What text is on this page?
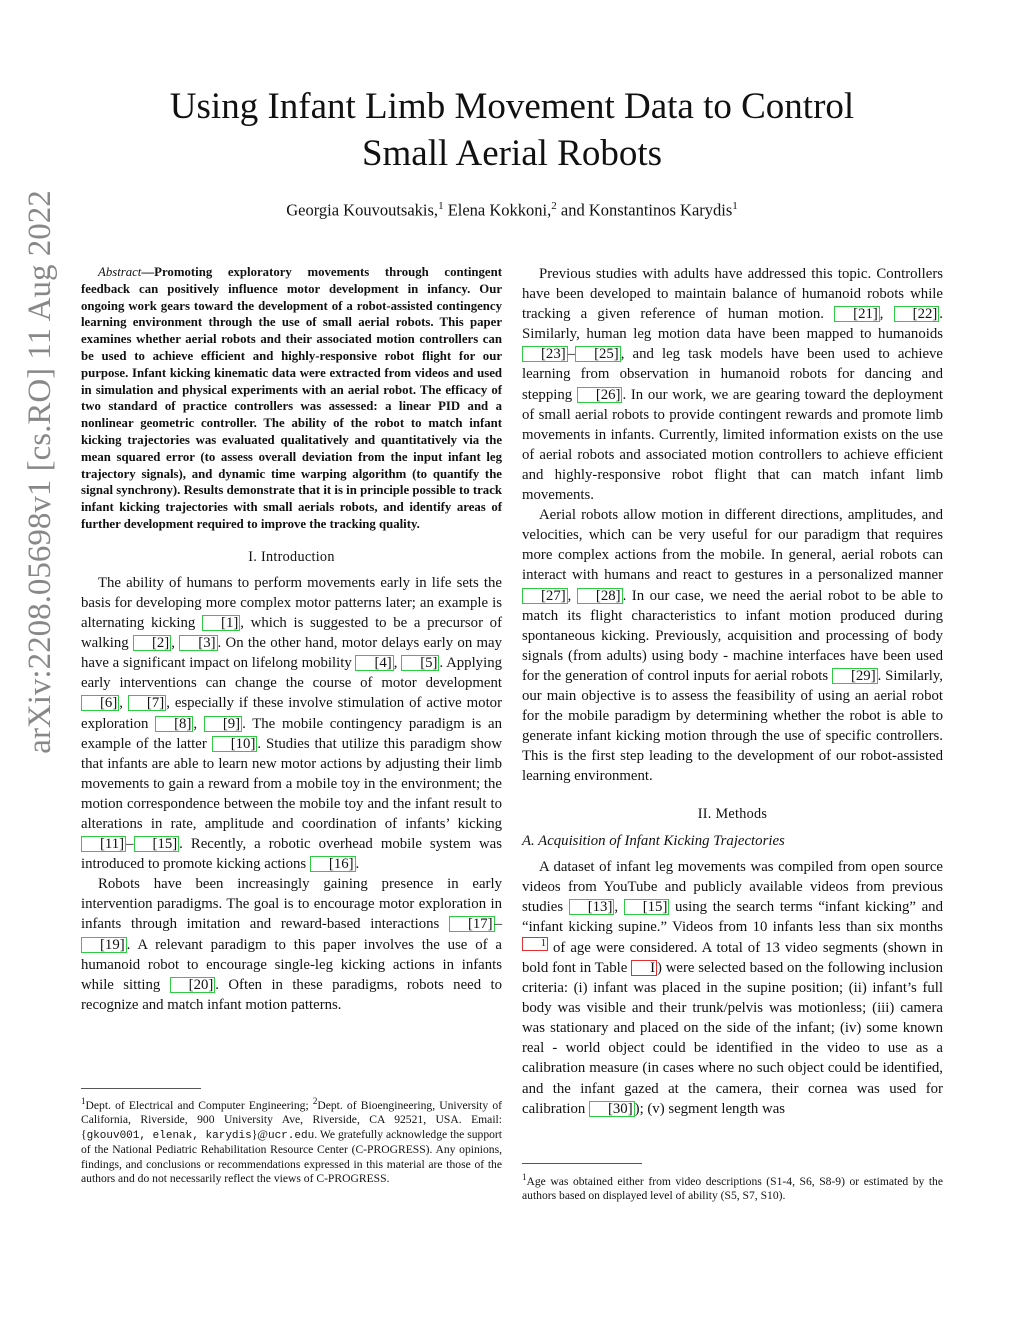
arXiv:2208.05698v1 [cs.RO] 11 Aug 2022
Using Infant Limb Movement Data to Control
Small Aerial Robots
Georgia Kouvoutsakis,$^1$ Elena Kokkoni,$^2$ and Konstantinos Karydis$^1$

Abstract—Promoting exploratory movements through contingent feedback can positively influence motor development in infancy. Our ongoing work gears toward the development of a robot-assisted contingency learning environment through the use of small aerial robots. This paper examines whether aerial robots and their associated motion controllers can be used to achieve efficient and highly-responsive robot flight for our purpose. Infant kicking kinematic data were extracted from videos and used in simulation and physical experiments with an aerial robot. The efficacy of two standard of practice controllers was assessed: a linear PID and a nonlinear geometric controller. The ability of the robot to match infant kicking trajectories was evaluated qualitatively and quantitatively via the mean squared error (to assess overall deviation from the input infant leg trajectory signals), and dynamic time warping algorithm (to quantify the signal synchrony). Results demonstrate that it is in principle possible to track infant kicking trajectories with small aerials robots, and identify areas of further development required to improve the tracking quality.

I. Introduction

The ability of humans to perform movements early in life sets the basis for developing more complex motor patterns later; an example is alternating kicking [1] , which is suggested to be a precursor of walking [2] , [3] . On the other hand, motor delays early on may have a significant impact on lifelong mobility [4] , [5] . Applying early interventions can change the course of motor development [6] , [7] , especially if these involve stimulation of active motor exploration [8] , [9] . The mobile contingency paradigm is an example of the latter [10] . Studies that utilize this paradigm show that infants are able to learn new motor actions by adjusting their limb movements to gain a reward from a mobile toy in the environment; the motion correspondence between the mobile toy and the infant result to alterations in rate, amplitude and coordination of infants’ kicking [11] – [15] . Recently, a robotic overhead mobile system was introduced to promote kicking actions [16] .

Robots have been increasingly gaining presence in early intervention paradigms. The goal is to encourage motor exploration in infants through imitation and reward-based interactions [17] –[19] . A relevant paradigm to this paper involves the use of a humanoid robot to encourage single-leg kicking actions in infants while sitting [20] . Often in these paradigms, robots need to recognize and match infant motion patterns.

$^1$Dept. of Electrical and Computer Engineering; $^2$Dept. of Bioengineering, University of California, Riverside, 900 University Ave, Riverside, CA 92521, USA. Email:{gkouv001, elenak, karydis}@ucr.edu. We gratefully acknowledge the support of the National Pediatric Rehabilitation Resource Center (C-PROGRESS). Any opinions, findings, and conclusions or recommendations expressed in this material are those of the authors and do not necessarily reflect the views of C-PROGRESS.

Previous studies with adults have addressed this topic. Controllers have been developed to maintain balance of humanoid robots while tracking a given reference of human motion. [21] , [22] . Similarly, human leg motion data have been mapped to humanoids [23] – [25] , and leg task models have been used to achieve learning from observation in humanoid robots for dancing and stepping [26] . In our work, we are gearing toward the deployment of small aerial robots to provide contingent rewards and promote limb movements in infants. Currently, limited information exists on the use of aerial robots and associated motion controllers to achieve efficient and highly-responsive robot flight that can match infant limb movements.

Aerial robots allow motion in different directions, amplitudes, and velocities, which can be very useful for our paradigm that requires more complex actions from the mobile. In general, aerial robots can interact with humans and react to gestures in a personalized manner [27] , [28] . In our case, we need the aerial robot to be able to match its flight characteristics to infant motion produced during spontaneous kicking. Previously, acquisition and processing of body signals (from adults) using body - machine interfaces have been used for the generation of control inputs for aerial robots [29] . Similarly, our main objective is to assess the feasibility of using an aerial robot for the mobile paradigm by determining whether the robot is able to generate infant kicking motion through the use of specific controllers. This is the first step leading to the development of our robot-assisted learning environment.

II. Methods
A. Acquisition of Infant Kicking Trajectories

A dataset of infant leg movements was compiled from open source videos from YouTube and publicly available videos from previous studies [13] , [15] using the search terms “infant kicking” and “infant kicking supine.” Videos from 10 infants less than six months1 of age were considered. A total of 13 video segments (shown in bold font in Table I ) were selected based on the following inclusion criteria: (i) infant was placed in the supine position; (ii) infant’s full body was visible and their trunk/pelvis was motionless; (iii) camera was stationary and placed on the side of the infant; (iv) some known real - world object could be identified in the video to use as a calibration measure (in cases where no such object could be identified, and the infant gazed at the camera, their cornea was used for calibration [30] ); (v) segment length was

$^1$Age was obtained either from video descriptions (S1-4, S6, S8-9) or estimated by the authors based on displayed level of ability (S5, S7, S10).
